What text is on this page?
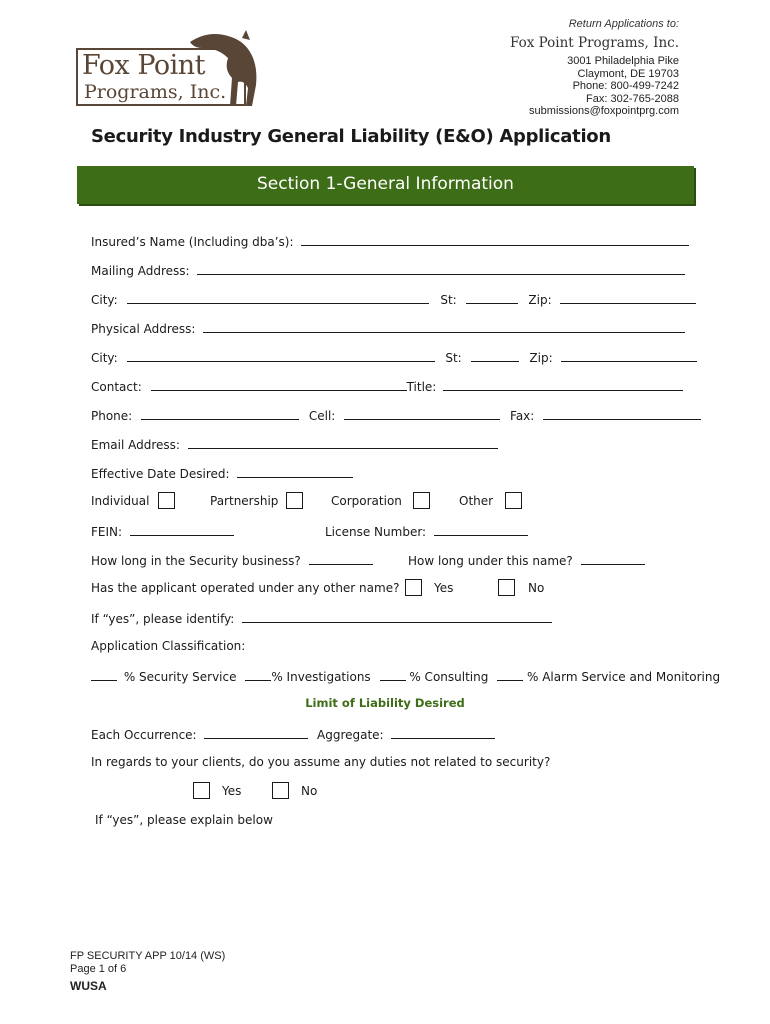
Fox Point
Programs, Inc.
Return Applications to:
Fox Point Programs, Inc.
3001 Philadelphia Pike
Claymont, DE 19703
Phone: 800-499-7242
Fax: 302-765-2088
submissions@foxpointprg.com
Security Industry General Liability (E&O) Application
Section 1-General Information
Insured’s Name (Including dba’s):
Mailing Address:
City:	St:	Zip:
Physical Address:
City:	St:	Zip:
Contact:	Title:
Phone:	Cell:	Fax:
Email Address:
Effective Date Desired:
Individual	Partnership	Corporation	Other
FEIN:	License Number:
How long in the Security business?	How long under this name?
Has the applicant operated under any other name?	Yes	No
If “yes”, please identify:
Application Classification:
% Security Service	% Investigations	% Consulting	% Alarm Service and Monitoring
Limit of Liability Desired
Each Occurrence:	Aggregate:
In regards to your clients, do you assume any duties not related to security?
Yes	No
If “yes”, please explain below
FP SECURITY APP 10/14 (WS)
Page 1 of 6
WUSA
